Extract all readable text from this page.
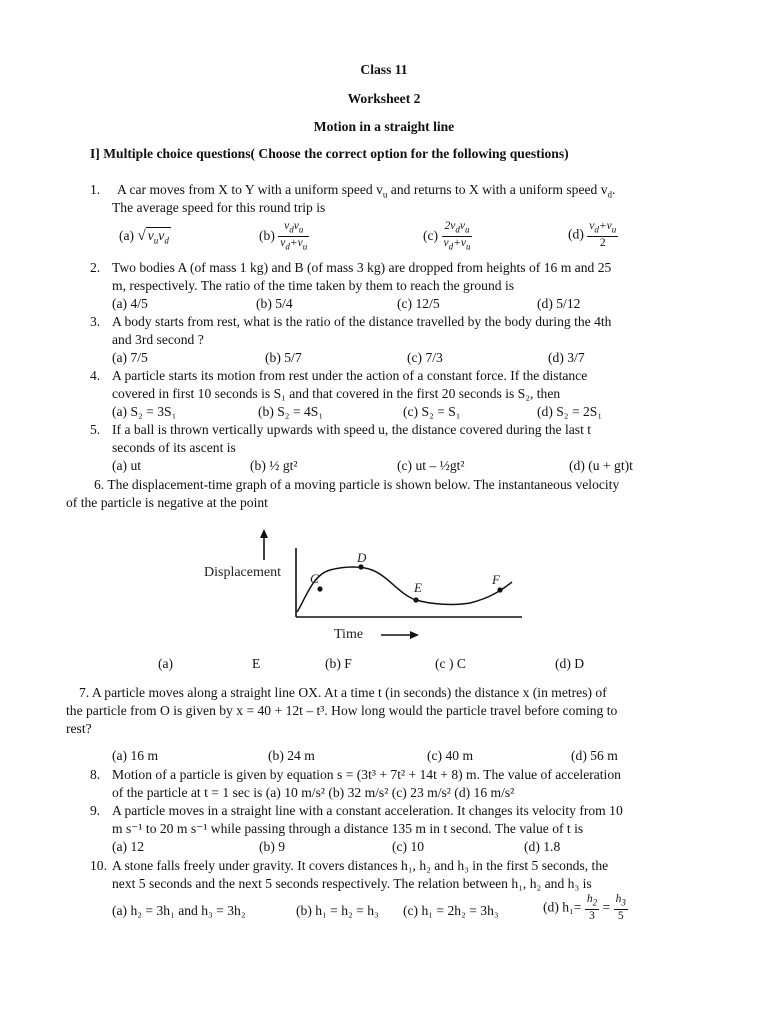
Class 11
Worksheet 2
Motion in a straight line
I] Multiple choice questions( Choose the correct option for the following questions)
1. A car moves from X to Y with a uniform speed $v_u$ and returns to X with a uniform speed $v_d$.
The average speed for this round trip is
(a) √ $v_uv_d$	$(b) \frac{v_dv_u}{v_d+v_u}$	$(c) \frac{2v_dv_u}{v_d+v_u}$	$(d) \frac{v_d+v_u}{2}$
2. Two bodies A (of mass 1 kg) and B (of mass 3 kg) are dropped from heights of 16 m and 25
m, respectively. The ratio of the time taken by them to reach the ground is
(a) 4/5	(b) 5/4	(c) 12/5	(d) 5/12
3. A body starts from rest, what is the ratio of the distance travelled by the body during the 4th
and 3rd second ?
(a) 7/5	(b) 5/7	(c) 7/3	(d) 3/7
4. A particle starts its motion from rest under the action of a constant force. If the distance
covered in first 10 seconds is S₁ and that covered in the first 20 seconds is S₂, then
(a) S₂ = 3S₁	(b) S₂ = 4S₁	(c) S₂ = S₁	(d) S₂ = 2S₁
5. If a ball is thrown vertically upwards with speed u, the distance covered during the last t
seconds of its ascent is
(a) ut	(b) ½ gt²	(c) ut – ½gt²	(d) (u + gt)t
6. The displacement-time graph of a moving particle is shown below. The instantaneous velocity
of the particle is negative at the point
Displacement
Time
C
D
E
F
(a)	E	(b) F	(c ) C	(d) D
7. A particle moves along a straight line OX. At a time t (in seconds) the distance x (in metres) of
the particle from O is given by x = 40 + 12t – t³. How long would the particle travel before coming to
rest?
(a) 16 m	(b) 24 m	(c) 40 m	(d) 56 m
8. Motion of a particle is given by equation s = (3t³ + 7t² + 14t + 8) m. The value of acceleration
of the particle at t = 1 sec is (a) 10 m/s² (b) 32 m/s² (c) 23 m/s² (d) 16 m/s²
9. A particle moves in a straight line with a constant acceleration. It changes its velocity from 10
m s⁻¹ to 20 m s⁻¹ while passing through a distance 135 m in t second. The value of t is
(a) 12	(b) 9	(c) 10	(d) 1.8
10. A stone falls freely under gravity. It covers distances h₁, h₂ and h₃ in the first 5 seconds, the
next 5 seconds and the next 5 seconds respectively. The relation between h₁, h₂ and h₃ is
(a) h₂ = 3h₁ and h₃ = 3h₂	(b) h₁ = h₂ = h₃ (c) h₁ = 2h₂ = 3h₃	(d) $h_1= \frac{h_2}{3} = \frac{h_3}{5}$
